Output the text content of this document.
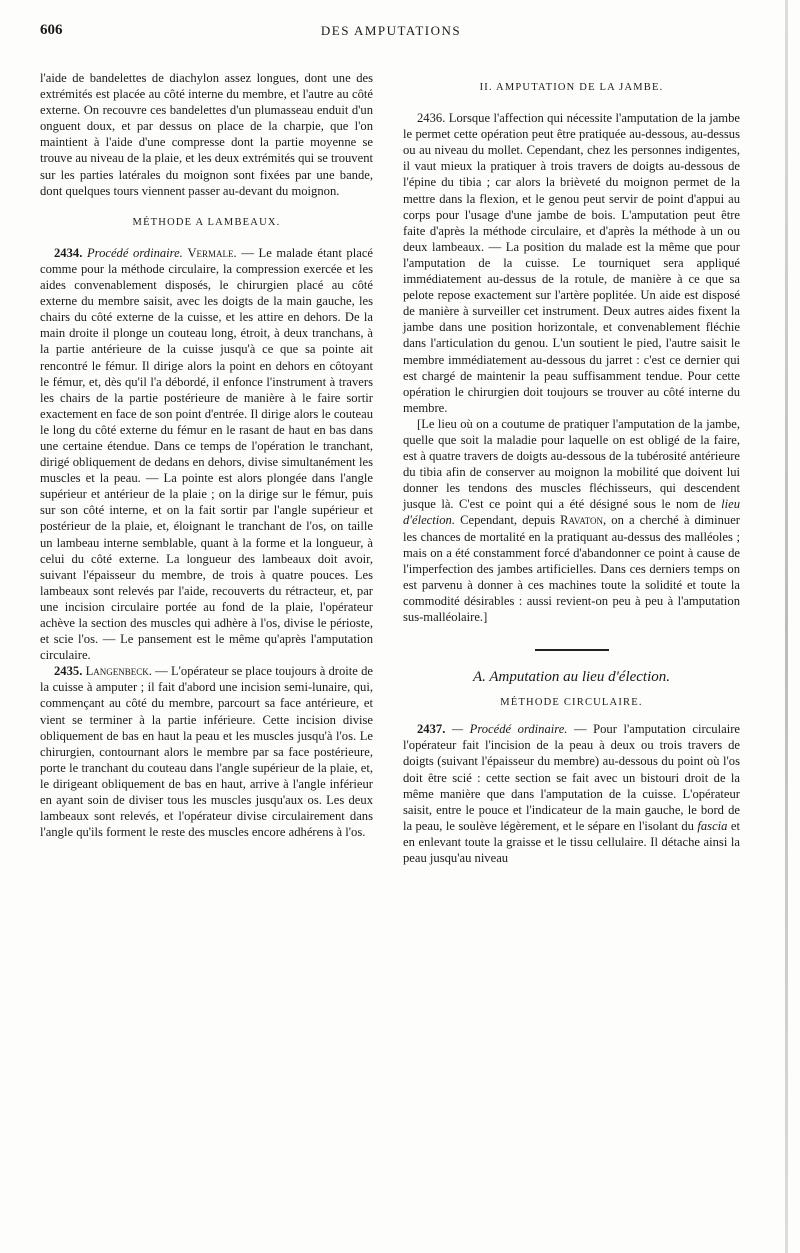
606	DES AMPUTATIONS

l'aide de bandelettes de diachylon assez longues, dont une des extrémités est placée au côté interne du membre, et l'autre au côté externe. On recouvre ces bandelettes d'un plumasseau enduit d'un onguent doux, et par dessus on place de la charpie, que l'on maintient à l'aide d'une compresse dont la partie moyenne se trouve au niveau de la plaie, et les deux extrémités qui se trouvent sur les parties latérales du moignon sont fixées par une bande, dont quelques tours viennent passer au-devant du moignon.

MÉTHODE A LAMBEAUX.

2434. Procédé ordinaire. Vermale. — Le malade étant placé comme pour la méthode circulaire, la compression exercée et les aides convenablement disposés, le chirurgien placé au côté externe du membre saisit, avec les doigts de la main gauche, les chairs du côté externe de la cuisse, et les attire en dehors. De la main droite il plonge un couteau long, étroit, à deux tranchans, à la partie antérieure de la cuisse jusqu'à ce que sa pointe ait rencontré le fémur. Il dirige alors la point en dehors en côtoyant le fémur, et, dès qu'il l'a débordé, il enfonce l'instrument à travers les chairs de la partie postérieure de manière à le faire sortir exactement en face de son point d'entrée. Il dirige alors le couteau le long du côté externe du fémur en le rasant de haut en bas dans une certaine étendue. Dans ce temps de l'opération le tranchant, dirigé obliquement de dedans en dehors, divise simultanément les muscles et la peau. — La pointe est alors plongée dans l'angle supérieur et antérieur de la plaie ; on la dirige sur le fémur, puis sur son côté interne, et on la fait sortir par l'angle supérieur et postérieur de la plaie, et, éloignant le tranchant de l'os, on taille un lambeau interne semblable, quant à la forme et la longueur, à celui du côté externe. La longueur des lambeaux doit avoir, suivant l'épaisseur du membre, de trois à quatre pouces. Les lambeaux sont relevés par l'aide, recouverts du rétracteur, et, par une incision circulaire portée au fond de la plaie, l'opérateur achève la section des muscles qui adhère à l'os, divise le périoste, et scie l'os. — Le pansement est le même qu'après l'amputation circulaire.

2435. Langenbeck. — L'opérateur se place toujours à droite de la cuisse à amputer ; il fait d'abord une incision semi-lunaire, qui, commençant au côté du membre, parcourt sa face antérieure, et vient se terminer à la partie inférieure. Cette incision divise obliquement de bas en haut la peau et les muscles jusqu'à l'os. Le chirurgien, contournant alors le membre par sa face postérieure, porte le tranchant du couteau dans l'angle supérieur de la plaie, et, le dirigeant obliquement de bas en haut, arrive à l'angle inférieur en ayant soin de diviser tous les muscles jusqu'aux os. Les deux lambeaux sont relevés, et l'opérateur divise circulairement dans l'angle qu'ils forment le reste des muscles encore adhérens à l'os.

II. AMPUTATION DE LA JAMBE.

2436. Lorsque l'affection qui nécessite l'amputation de la jambe le permet cette opération peut être pratiquée au-dessous, au-dessus ou au niveau du mollet. Cependant, chez les personnes indigentes, il vaut mieux la pratiquer à trois travers de doigts au-dessous de l'épine du tibia ; car alors la brièveté du moignon permet de la mettre dans la flexion, et le genou peut servir de point d'appui au corps pour l'usage d'une jambe de bois. L'amputation peut être faite d'après la méthode circulaire, et d'après la méthode à un ou deux lambeaux. — La position du malade est la même que pour l'amputation de la cuisse. Le tourniquet sera appliqué immédiatement au-dessus de la rotule, de manière à ce que sa pelote repose exactement sur l'artère poplitée. Un aide est disposé de manière à surveiller cet instrument. Deux autres aides fixent la jambe dans une position horizontale, et convenablement fléchie dans l'articulation du genou. L'un soutient le pied, l'autre saisit le membre immédiatement au-dessous du jarret : c'est ce dernier qui est chargé de maintenir la peau suffisamment tendue. Pour cette opération le chirurgien doit toujours se trouver au côté interne du membre.

[Le lieu où on a coutume de pratiquer l'amputation de la jambe, quelle que soit la maladie pour laquelle on est obligé de la faire, est à quatre travers de doigts au-dessous de la tubérosité antérieure du tibia afin de conserver au moignon la mobilité que doivent lui donner les tendons des muscles fléchisseurs, qui descendent jusque là. C'est ce point qui a été désigné sous le nom de lieu d'élection. Cependant, depuis Ravaton, on a cherché à diminuer les chances de mortalité en la pratiquant au-dessus des malléoles ; mais on a été constamment forcé d'abandonner ce point à cause de l'imperfection des jambes artificielles. Dans ces derniers temps on est parvenu à donner à ces machines toute la solidité et toute la commodité désirables : aussi revient-on peu à peu à l'amputation sus-malléolaire.]

A. Amputation au lieu d'élection.
MÉTHODE CIRCULAIRE.

2437. — Procédé ordinaire. — Pour l'amputation circulaire l'opérateur fait l'incision de la peau à deux ou trois travers de doigts (suivant l'épaisseur du membre) au-dessous du point où l'os doit être scié : cette section se fait avec un bistouri droit de la même manière que dans l'amputation de la cuisse. L'opérateur saisit, entre le pouce et l'indicateur de la main gauche, le bord de la peau, le soulève légèrement, et le sépare en l'isolant du fascia et en enlevant toute la graisse et le tissu cellulaire. Il détache ainsi la peau jusqu'au niveau
